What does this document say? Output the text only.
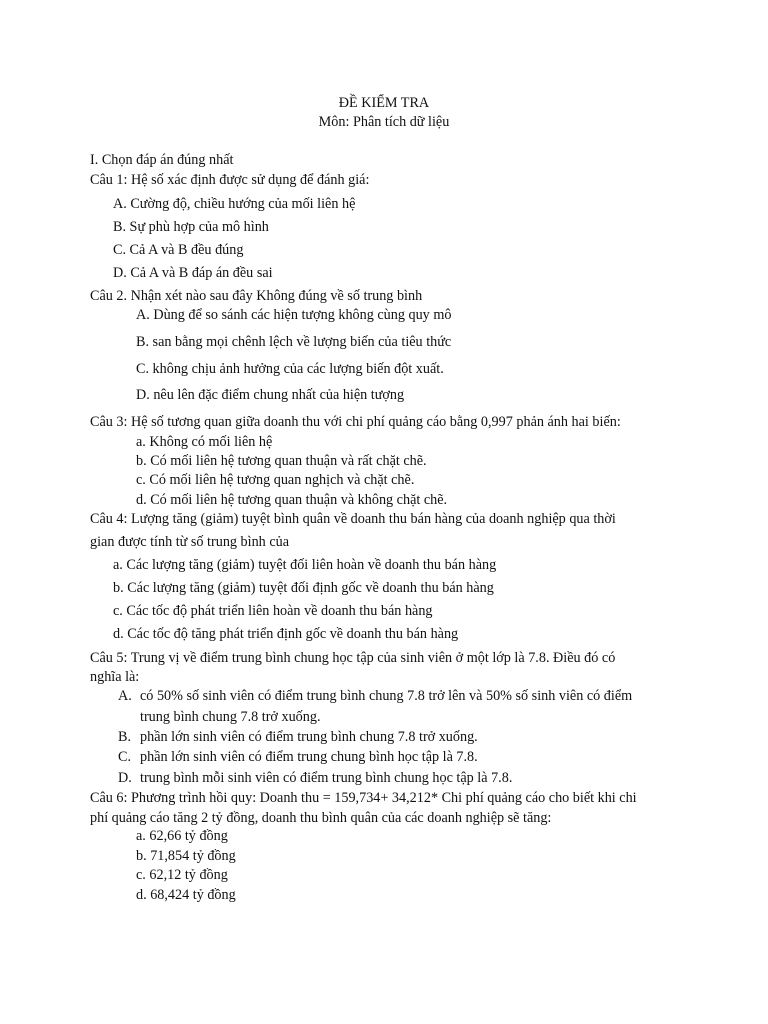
ĐỀ KIỂM TRA
Môn: Phân tích dữ liệu
I. Chọn đáp án đúng nhất
Câu 1: Hệ số xác định được sử dụng để đánh giá:
A. Cường độ, chiều hướng của mối liên hệ
B. Sự phù hợp của mô hình
C. Cả A và B đều đúng
D. Cả A và B đáp án đều sai
Câu 2. Nhận xét nào sau đây Không đúng về số trung bình
A. Dùng để so sánh các hiện tượng không cùng quy mô
B. san bằng mọi chênh lệch về lượng biến của tiêu thức
C. không chịu ảnh hưởng của các lượng biến đột xuất.
D. nêu lên đặc điểm chung nhất của hiện tượng
Câu 3: Hệ số tương quan giữa doanh thu với chi phí quảng cáo bằng 0,997 phản ánh hai biến:
a. Không có mối liên hệ
b. Có mối liên hệ tương quan thuận và rất chặt chẽ.
c. Có mối liên hệ tương quan nghịch và chặt chẽ.
d. Có mối liên hệ tương quan thuận và không chặt chẽ.
Câu 4: Lượng tăng (giảm) tuyệt bình quân về doanh thu bán hàng của doanh nghiệp qua thời
gian được tính từ số trung bình của
a. Các lượng tăng (giảm) tuyệt đối liên hoàn về doanh thu bán hàng
b. Các lượng tăng (giảm) tuyệt đối định gốc về doanh thu bán hàng
c. Các tốc độ phát triển liên hoàn về doanh thu bán hàng
d. Các tốc độ tăng phát triển định gốc về doanh thu bán hàng
Câu 5: Trung vị về điểm trung bình chung học tập của sinh viên ở một lớp là 7.8. Điều đó có
nghĩa là:
A. có 50% số sinh viên có điểm trung bình chung 7.8 trở lên và 50% số sinh viên có điểm
trung bình chung 7.8 trở xuống.
B. phần lớn sinh viên có điểm trung bình chung 7.8 trở xuống.
C. phần lớn sinh viên có điểm trung chung bình học tập là 7.8.
D. trung bình mỗi sinh viên có điểm trung bình chung học tập là 7.8.
Câu 6: Phương trình hồi quy: Doanh thu = 159,734+ 34,212* Chi phí quảng cáo cho biết khi chi
phí quảng cáo tăng 2 tỷ đồng, doanh thu bình quân của các doanh nghiệp sẽ tăng:
a. 62,66 tỷ đồng
b. 71,854 tỷ đồng
c. 62,12 tỷ đồng
d. 68,424 tỷ đồng
